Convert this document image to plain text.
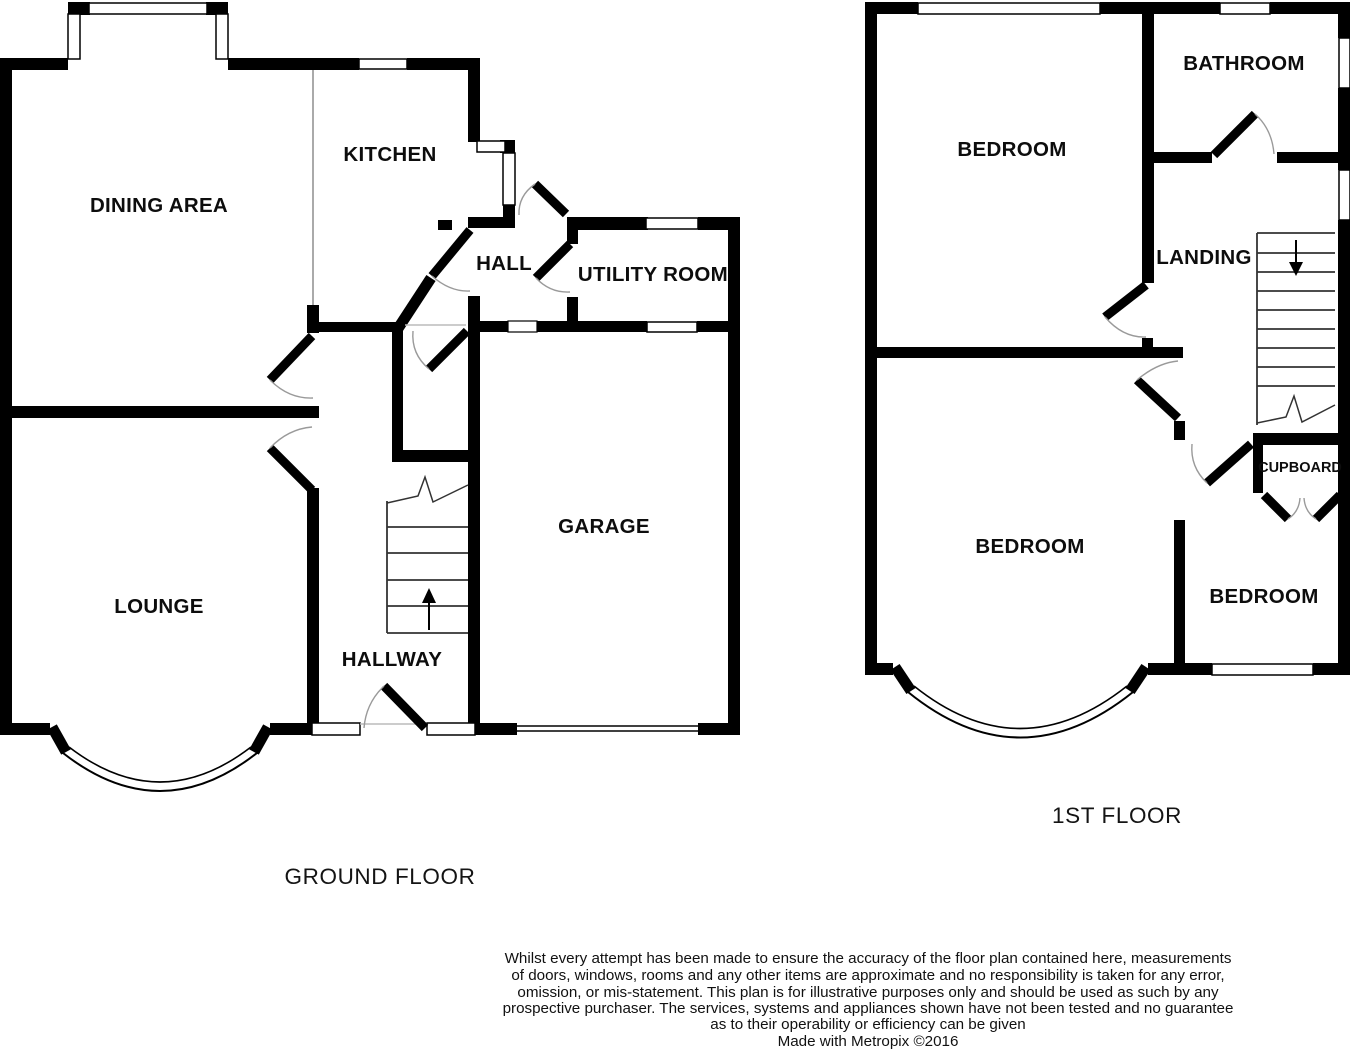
DINING AREA
KITCHEN
HALL UTILITY ROOM
LOUNGE
HALLWAY
GARAGE
GROUND FLOOR
BEDROOM
BATHROOM
LANDING
CUPBOARD
BEDROOM
BEDROOM
1ST FLOOR
Whilst every attempt has been made to ensure the accuracy of the floor plan contained here, measurements
of doors, windows, rooms and any other items are approximate and no responsibility is taken for any error,
omission, or mis-statement. This plan is for illustrative purposes only and should be used as such by any
prospective purchaser. The services, systems and appliances shown have not been tested and no guarantee
as to their operability or efficiency can be given
Made with Metropix ©2016
